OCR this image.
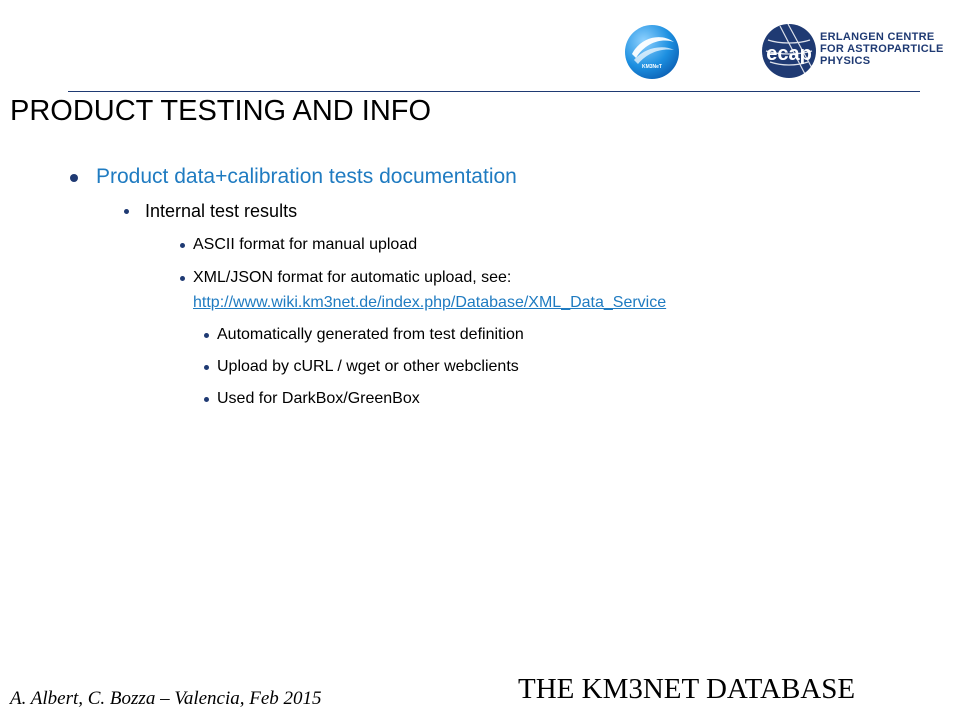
KM3NeT
ecap
ERLANGEN CENTRE
FOR ASTROPARTICLE
PHYSICS
PRODUCT TESTING AND INFO
Product data+calibration tests documentation
Internal test results
ASCII format for manual upload
XML/JSON format for automatic upload, see:
http://www.wiki.km3net.de/index.php/Database/XML_Data_Service
Automatically generated from test definition
Upload by cURL / wget or other webclients
Used for DarkBox/GreenBox
A. Albert, C. Bozza – Valencia, Feb 2015	THE KM3NET DATABASE
